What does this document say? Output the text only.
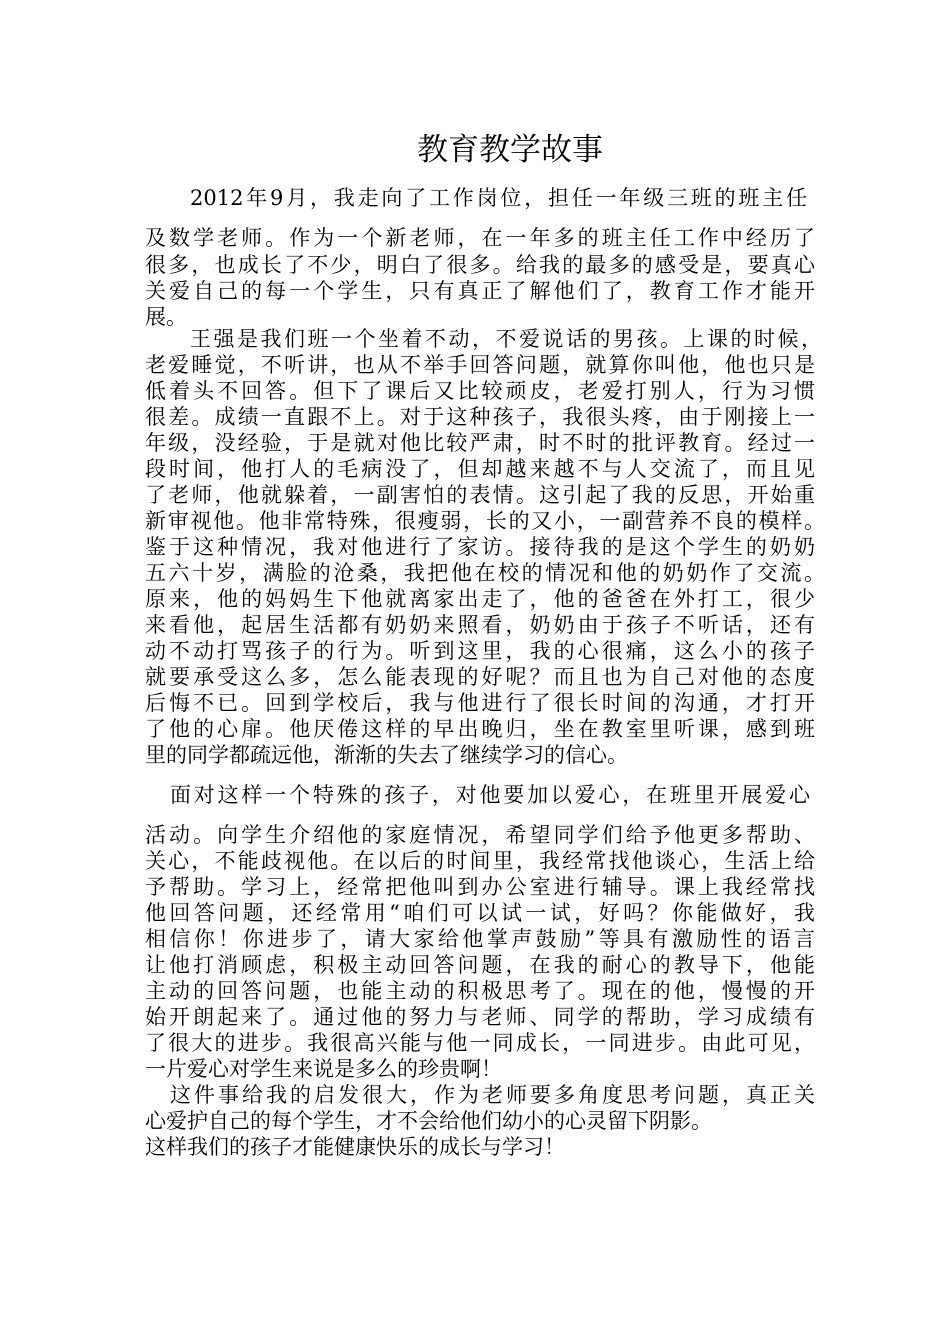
教育教学故事
2012年9月，我走向了工作岗位，担任一年级三班的班主任
及数学老师。作为一个新老师，在一年多的班主任工作中经历了
很多，也成长了不少，明白了很多。给我的最多的感受是，要真心
关爱自己的每一个学生，只有真正了解他们了，教育工作才能开
展。
王强是我们班一个坐着不动，不爱说话的男孩。上课的时候，
老爱睡觉，不听讲，也从不举手回答问题，就算你叫他，他也只是
低着头不回答。但下了课后又比较顽皮，老爱打别人，行为习惯
很差。成绩一直跟不上。对于这种孩子，我很头疼，由于刚接上一
年级，没经验，于是就对他比较严肃，时不时的批评教育。经过一
段时间，他打人的毛病没了，但却越来越不与人交流了，而且见
了老师，他就躲着，一副害怕的表情。这引起了我的反思，开始重
新审视他。他非常特殊，很瘦弱，长的又小，一副营养不良的模样。
鉴于这种情况，我对他进行了家访。接待我的是这个学生的奶奶
五六十岁，满脸的沧桑，我把他在校的情况和他的奶奶作了交流。
原来，他的妈妈生下他就离家出走了，他的爸爸在外打工，很少
来看他，起居生活都有奶奶来照看，奶奶由于孩子不听话，还有
动不动打骂孩子的行为。听到这里，我的心很痛，这么小的孩子
就要承受这么多，怎么能表现的好呢？而且也为自己对他的态度
后悔不已。回到学校后，我与他进行了很长时间的沟通，才打开
了他的心扉。他厌倦这样的早出晚归，坐在教室里听课，感到班
里的同学都疏远他，渐渐的失去了继续学习的信心。
面对这样一个特殊的孩子，对他要加以爱心，在班里开展爱心
活动。向学生介绍他的家庭情况，希望同学们给予他更多帮助、
关心，不能歧视他。在以后的时间里，我经常找他谈心，生活上给
予帮助。学习上，经常把他叫到办公室进行辅导。课上我经常找
他回答问题，还经常用“咱们可以试一试，好吗？你能做好，我
相信你！你进步了，请大家给他掌声鼓励”等具有激励性的语言
让他打消顾虑，积极主动回答问题，在我的耐心的教导下，他能
主动的回答问题，也能主动的积极思考了。现在的他，慢慢的开
始开朗起来了。通过他的努力与老师、同学的帮助，学习成绩有
了很大的进步。我很高兴能与他一同成长，一同进步。由此可见，
一片爱心对学生来说是多么的珍贵啊！
这件事给我的启发很大，作为老师要多角度思考问题，真正关
心爱护自己的每个学生，才不会给他们幼小的心灵留下阴影。
这样我们的孩子才能健康快乐的成长与学习！
